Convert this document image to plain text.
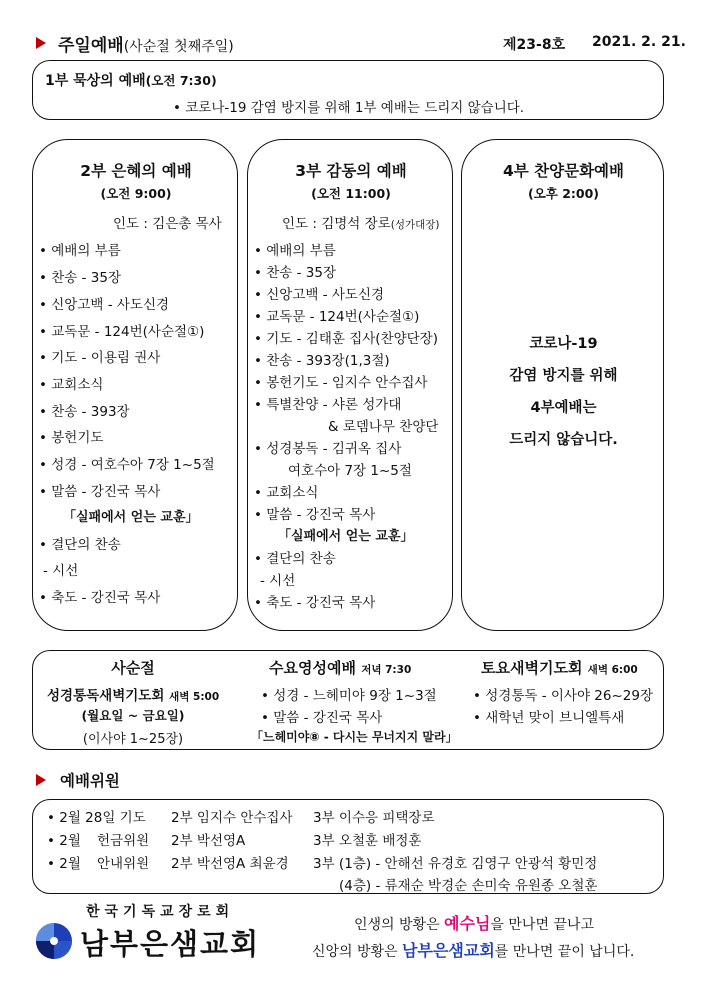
주일예배(사순절 첫째주일)	제23-8호 2021. 2. 21.
1부 묵상의 예배(오전 7:30)
• 코로나-19 감염 방지를 위해 1부 예배는 드리지 않습니다.
2부 은혜의 예배
(오전 9:00)
인도 : 김은총 목사
• 예배의 부름
• 찬송 - 35장
• 신앙고백 - 사도신경
• 교독문 - 124번(사순절①)
• 기도 - 이용림 권사
• 교회소식
• 찬송 - 393장
• 봉헌기도
• 성경 - 여호수아 7장 1~5절
• 말씀 - 강진국 목사
「실패에서 얻는 교훈」
• 결단의 찬송
- 시선
• 축도 - 강진국 목사
3부 감동의 예배
(오전 11:00)
인도 : 김명석 장로(성가대장)
• 예배의 부름
• 찬송 - 35장
• 신앙고백 - 사도신경
• 교독문 - 124번(사순절①)
• 기도 - 김태훈 집사(찬양단장)
• 찬송 - 393장(1,3절)
• 봉헌기도 - 임지수 안수집사
• 특별찬양 - 샤론 성가대
& 로뎀나무 찬양단
• 성경봉독 - 김귀옥 집사
여호수아 7장 1~5절
• 교회소식
• 말씀 - 강진국 목사
「실패에서 얻는 교훈」
• 결단의 찬송
- 시선
• 축도 - 강진국 목사
4부 찬양문화예배
(오후 2:00)
코로나-19
감염 방지를 위해
4부예배는
드리지 않습니다.
사순절
성경통독새벽기도회 새벽 5:00
(월요일 ~ 금요일)
(이사야 1~25장)
수요영성예배 저녁 7:30
• 성경 - 느헤미야 9장 1~3절
• 말씀 - 강진국 목사
「느헤미야⑧ - 다시는 무너지지 말라」
토요새벽기도회 새벽 6:00
• 성경통독 - 이사야 26~29장
• 새학년 맞이 브니엘특새
예배위원
• 2월 28일 기도 2부 임지수 안수집사 3부 이수응 피택장로
• 2월 헌금위원 2부 박선영A	3부 오철훈 배정훈
• 2월 안내위원 2부 박선영A 최윤경 3부 (1층) - 안해선 유경호 김영구 안광석 황민정
(4층) - 류재순 박경순 손미숙 유원종 오철훈
한국기독교장로회
남부은샘교회
인생의 방황은 예수님을 만나면 끝나고
신앙의 방황은 남부은샘교회를 만나면 끝이 납니다.
